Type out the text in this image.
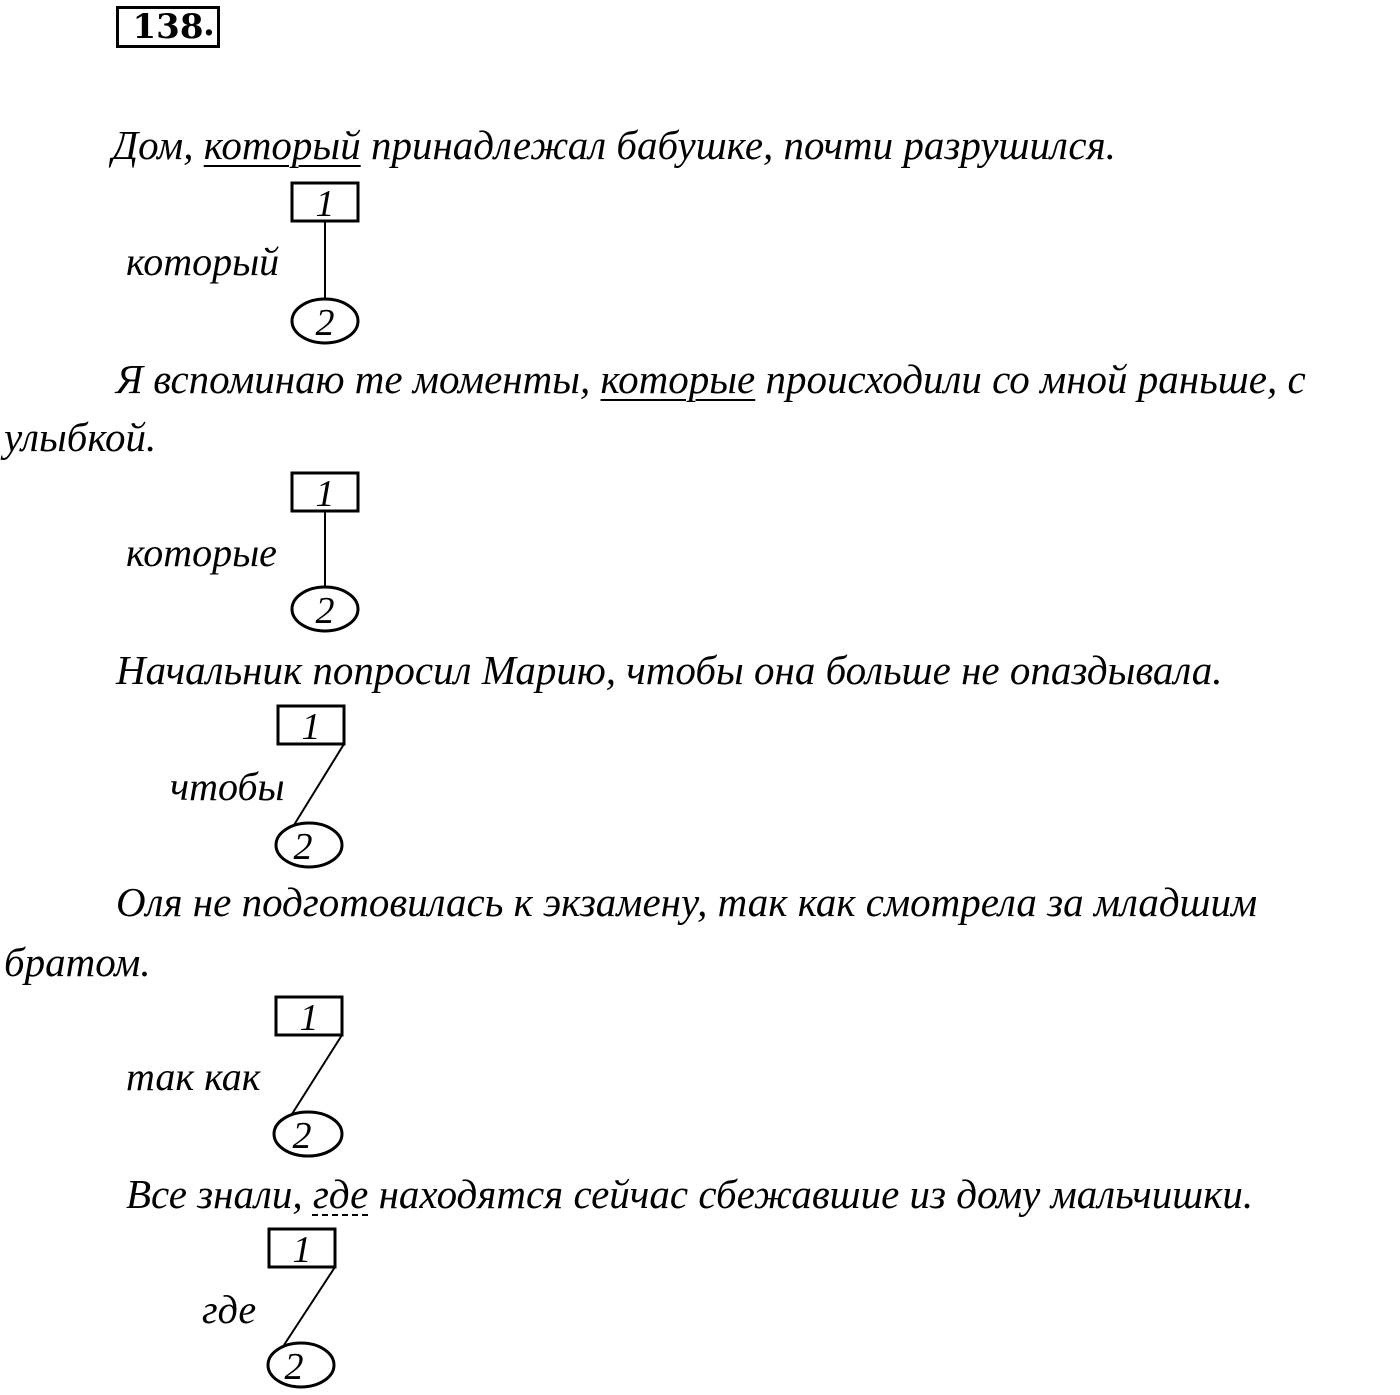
138 .
Дом, который принадлежал бабушке, почти разрушился.
который
1
2
Я вспоминаю те моменты, которые происходили со мной раньше, с
улыбкой.
которые
1
2
Начальник попросил Марию, чтобы она больше не опаздывала.
чтобы
1
2
Оля не подготовилась к экзамену, так как смотрела за младшим
братом.
так как
1
2
Все знали, где находятся сейчас сбежавшие из дому мальчишки.
где
1
2
